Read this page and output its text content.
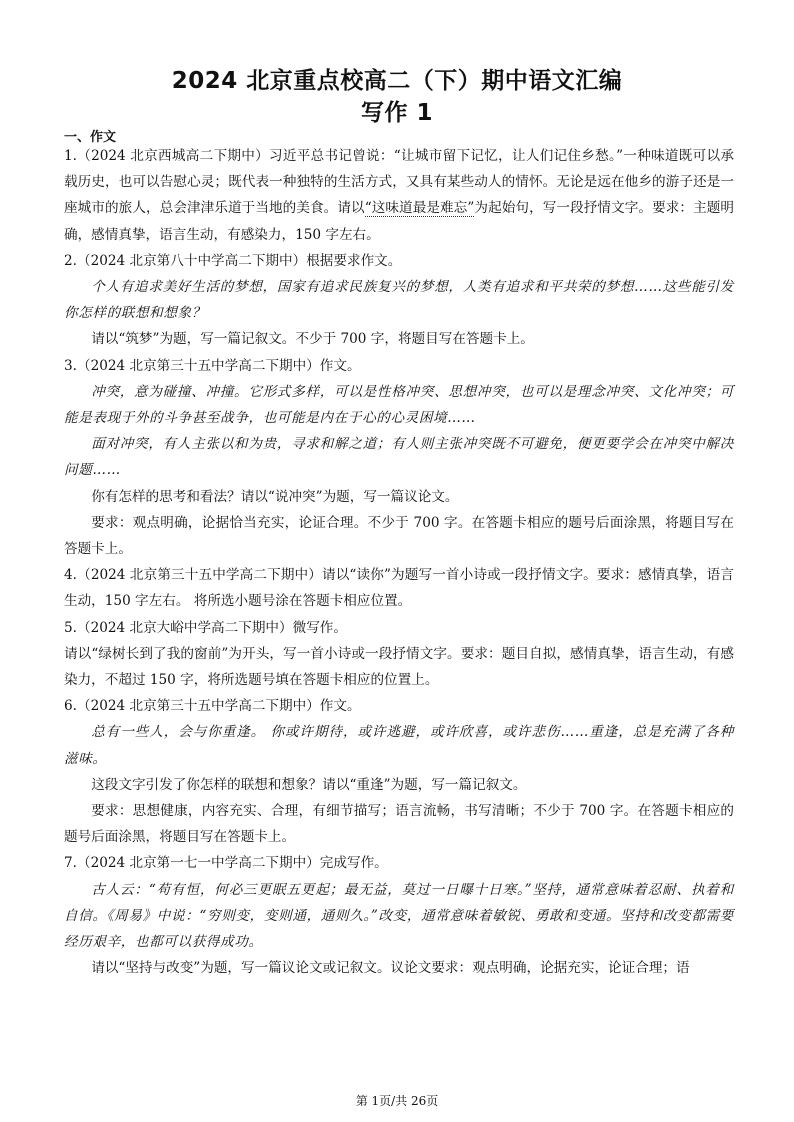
2024 北京重点校高二（下）期中语文汇编
写作 1
一、作文

1.（2024 北京西城高二下期中）习近平总书记曾说：“让城市留下记忆，让人们记住乡愁。”一种味道既可以承载历史，也可以告慰心灵；既代表一种独特的生活方式，又具有某些动人的情怀。无论是远在他乡的游子还是一座城市的旅人，总会津津乐道于当地的美食。请以“这味道最是难忘”为起始句，写一段抒情文字。要求：主题明确，感情真挚，语言生动，有感染力，150 字左右。

2.（2024 北京第八十中学高二下期中）根据要求作文。

个人有追求美好生活的梦想，国家有追求民族复兴的梦想，人类有追求和平共荣的梦想……这些能引发你怎样的联想和想象？

请以“筑梦”为题，写一篇记叙文。不少于 700 字，将题目写在答题卡上。

3.（2024 北京第三十五中学高二下期中）作文。

冲突，意为碰撞、冲撞。它形式多样，可以是性格冲突、思想冲突，也可以是理念冲突、文化冲突；可能是表现于外的斗争甚至战争，也可能是内在于心的心灵困境……

面对冲突，有人主张以和为贵，寻求和解之道；有人则主张冲突既不可避免，便更要学会在冲突中解决问题……

你有怎样的思考和看法？请以“说冲突”为题，写一篇议论文。

要求：观点明确，论据恰当充实，论证合理。不少于 700 字。在答题卡相应的题号后面涂黑，将题目写在答题卡上。

4.（2024 北京第三十五中学高二下期中）请以“读你”为题写一首小诗或一段抒情文字。要求：感情真挚，语言生动，150 字左右。 将所选小题号涂在答题卡相应位置。

5.（2024 北京大峪中学高二下期中）微写作。

请以“绿树长到了我的窗前”为开头，写一首小诗或一段抒情文字。要求：题目自拟，感情真挚，语言生动，有感染力，不超过 150 字，将所选题号填在答题卡相应的位置上。

6.（2024 北京第三十五中学高二下期中）作文。

总有一些人，会与你重逢。 你或许期待，或许逃避，或许欣喜，或许悲伤……重逢，总是充满了各种滋味。

这段文字引发了你怎样的联想和想象？请以“重逢”为题，写一篇记叙文。

要求：思想健康，内容充实、合理，有细节描写；语言流畅，书写清晰；不少于 700 字。在答题卡相应的题号后面涂黑，将题目写在答题卡上。

7.（2024 北京第一七一中学高二下期中）完成写作。

古人云：“苟有恒，何必三更眠五更起；最无益，莫过一日曝十日寒。”坚持，通常意味着忍耐、执着和自信。《周易》中说：“穷则变，变则通，通则久。”改变，通常意味着敏锐、勇敢和变通。坚持和改变都需要经历艰辛，也都可以获得成功。

请以“坚持与改变”为题，写一篇议论文或记叙文。议论文要求：观点明确，论据充实，论证合理；语

第 1页/共 26页
